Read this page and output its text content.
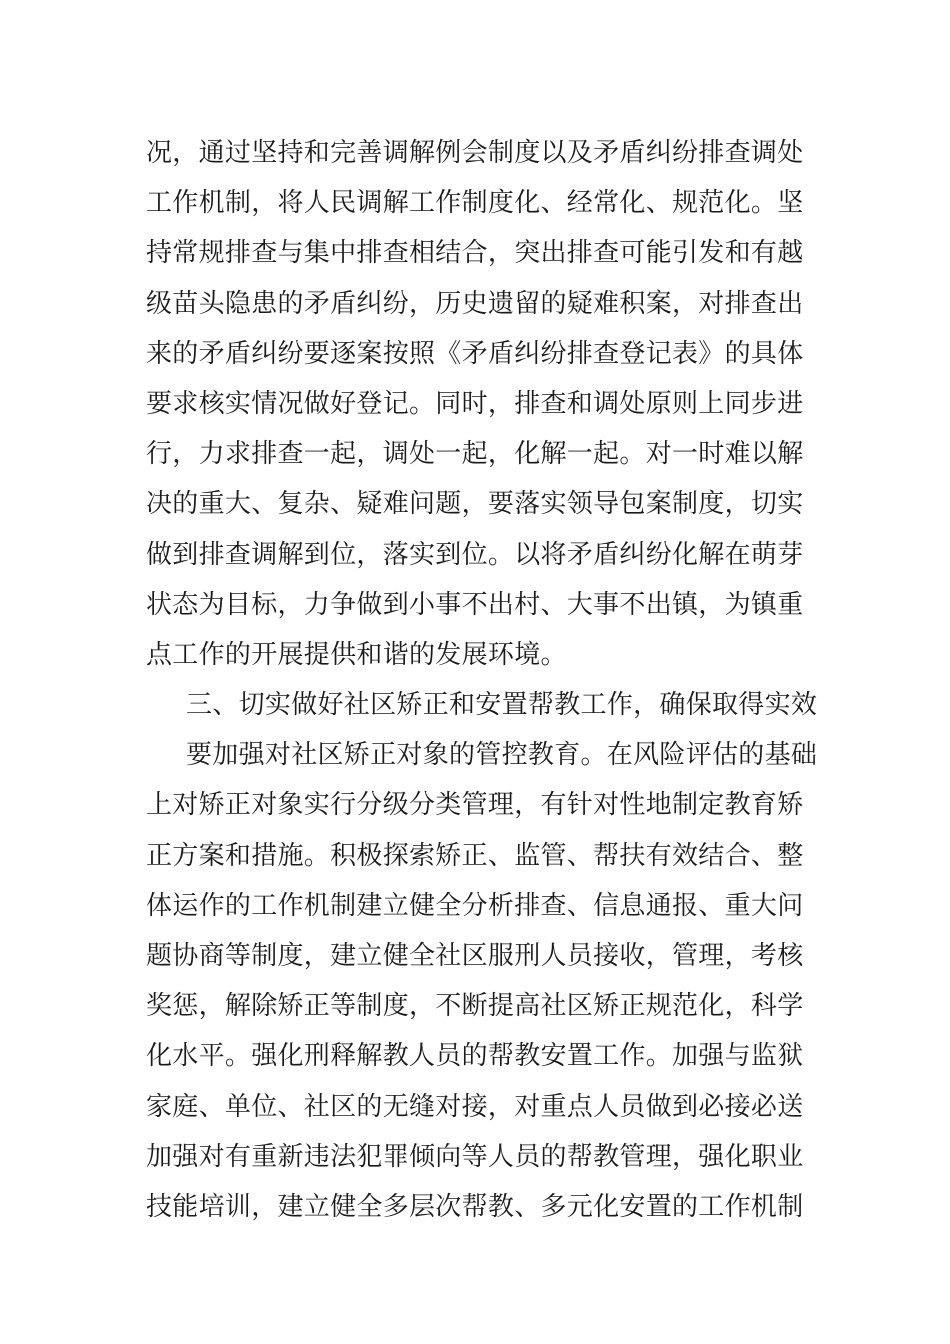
况，通过坚持和完善调解例会制度以及矛盾纠纷排查调处
工作机制，将人民调解工作制度化、经常化、规范化。坚
持常规排查与集中排查相结合，突出排查可能引发和有越
级苗头隐患的矛盾纠纷，历史遗留的疑难积案，对排查出
来的矛盾纠纷要逐案按照《矛盾纠纷排查登记表》的具体
要求核实情况做好登记。同时，排查和调处原则上同步进
行，力求排查一起，调处一起，化解一起。对一时难以解
决的重大、复杂、疑难问题，要落实领导包案制度，切实
做到排查调解到位，落实到位。以将矛盾纠纷化解在萌芽
状态为目标，力争做到小事不出村、大事不出镇，为镇重
点工作的开展提供和谐的发展环境。
三、切实做好社区矫正和安置帮教工作，确保取得实效
要加强对社区矫正对象的管控教育。在风险评估的基础
上对矫正对象实行分级分类管理，有针对性地制定教育矫
正方案和措施。积极探索矫正、监管、帮扶有效结合、整
体运作的工作机制建立健全分析排查、信息通报、重大问
题协商等制度，建立健全社区服刑人员接收，管理，考核
奖惩，解除矫正等制度，不断提高社区矫正规范化，科学
化水平。强化刑释解教人员的帮教安置工作。加强与监狱
家庭、单位、社区的无缝对接，对重点人员做到必接必送
加强对有重新违法犯罪倾向等人员的帮教管理，强化职业
技能培训，建立健全多层次帮教、多元化安置的工作机制
